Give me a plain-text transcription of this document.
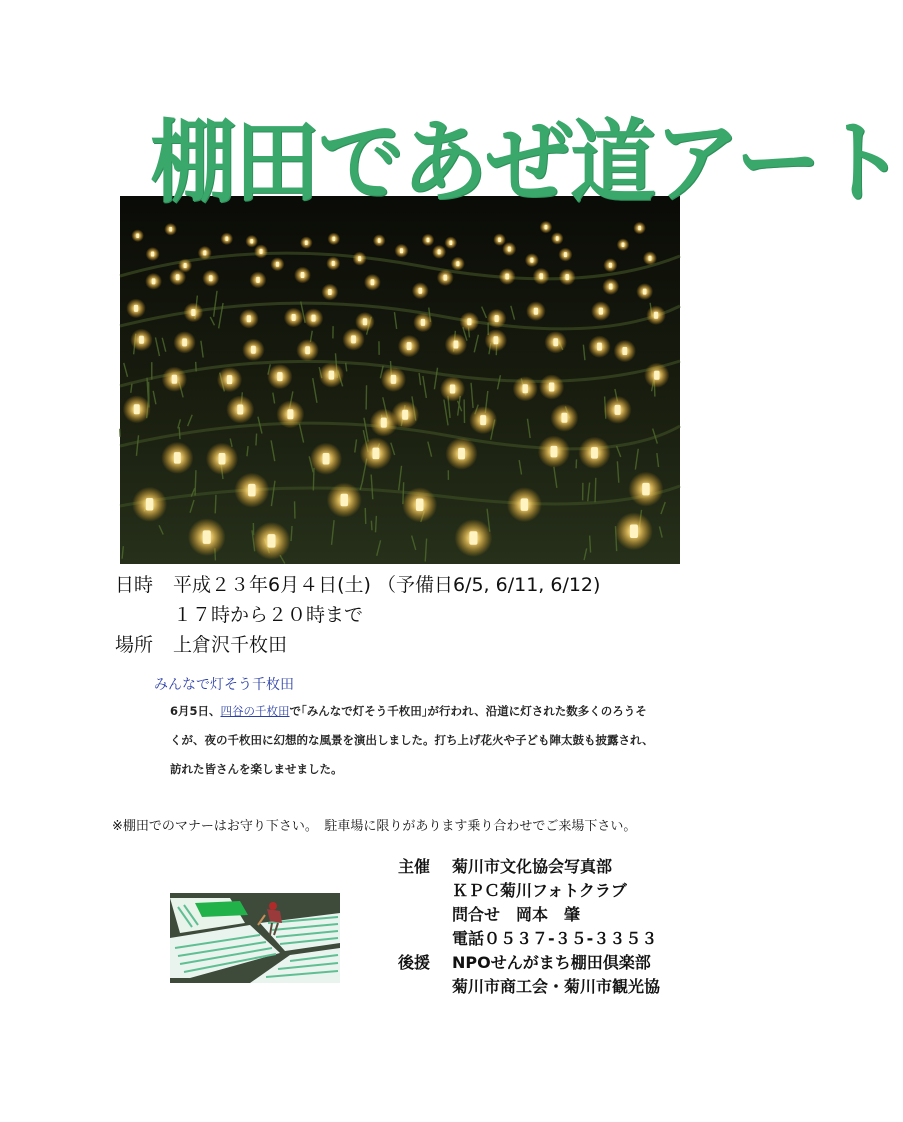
棚田であぜ道アート
日時 平成２３年6月４日(土) （予備日6/5, 6/11, 6/12)
１７時から２０時まで
場所 上倉沢千枚田
みんなで灯そう千枚田
6月5日、四谷の千枚田で｢みんなで灯そう千枚田｣が行われ、沿道に灯された数多くのろうそ
くが、夜の千枚田に幻想的な風景を演出しました。打ち上げ花火や子ども陣太鼓も披露され、
訪れた皆さんを楽しませました。
※棚田でのマナーはお守り下さい。　駐車場に限りがあります乗り合わせでご来場下さい。
主催 菊川市文化協会写真部
ＫＰＣ菊川フォトクラブ
問合せ　岡本　肇
電話０５３７-３５-３３５３
後援 NPOせんがまち棚田倶楽部
菊川市商工会・菊川市観光協
